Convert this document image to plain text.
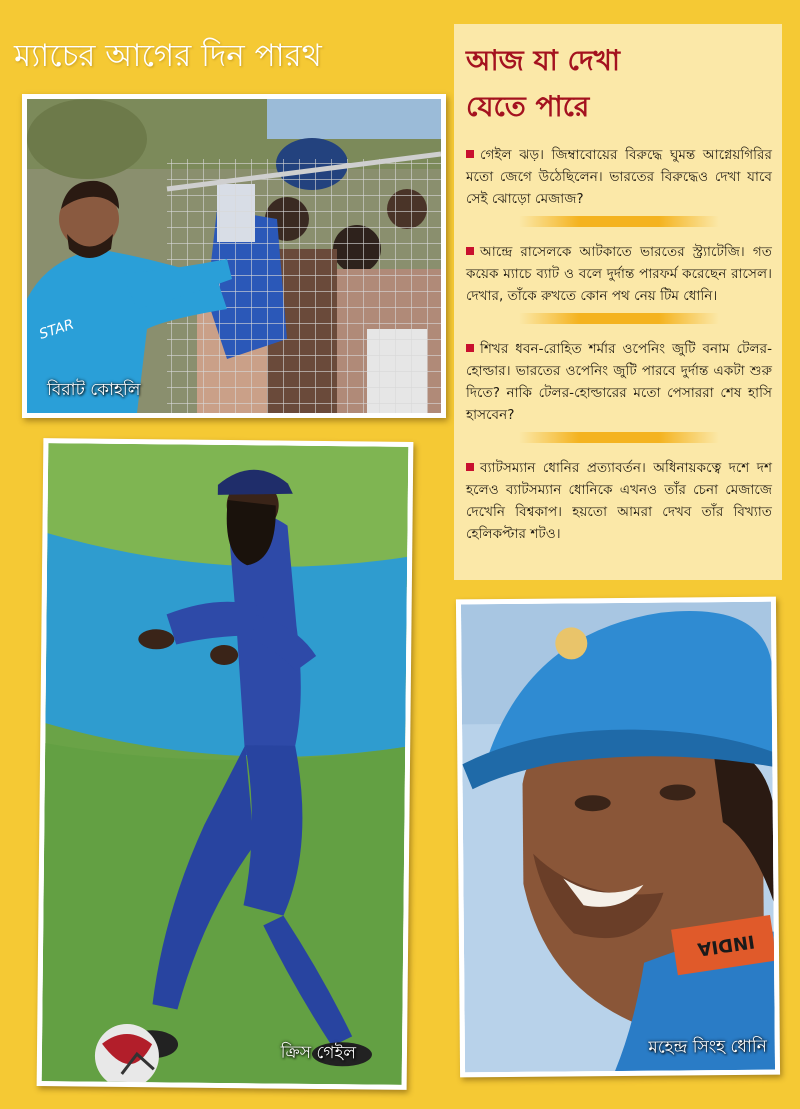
ম্যাচের আগের দিন পারথ
STAR
বিরাট কোহলি
ক্রিস গেইল
আজ যা দেখা
যেতে পারে
গেইল ঝড়। জিম্বাবোয়ের বিরুদ্ধে ঘুমন্ত আগ্নেয়গিরির মতো জেগে উঠেছিলেন। ভারতের বিরুদ্ধেও দেখা যাবে সেই ঝোড়ো মেজাজ?
আন্দ্রে রাসেলকে আটকাতে ভারতের স্ট্র্যাটেজি। গত কয়েক ম্যাচে ব্যাট ও বলে দুর্দান্ত পারফর্ম করেছেন রাসেল। দেখার, তাঁকে রুখতে কোন পথ নেয় টিম ধোনি।
শিখর ধবন-রোহিত শর্মার ওপেনিং জুটি বনাম টেলর-হোল্ডার। ভারতের ওপেনিং জুটি পারবে দুর্দান্ত একটা শুরু দিতে? নাকি টেলর-হোল্ডারের মতো পেসাররা শেষ হাসি হাসবেন?
ব্যাটসম্যান ধোনির প্রত্যাবর্তন। অধিনায়কত্বে দশে দশ হলেও ব্যাটসম্যান ধোনিকে এখনও তাঁর চেনা মেজাজে দেখেনি বিশ্বকাপ। হয়তো আমরা দেখব তাঁর বিখ্যাত হেলিকপ্টার শটও।
INDIA
মহেন্দ্র সিংহ ধোনি
